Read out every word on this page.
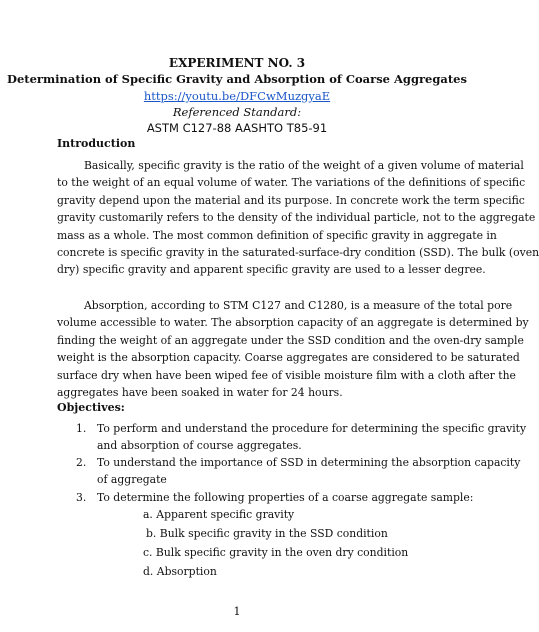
EXPERIMENT NO. 3
Determination of Specific Gravity and Absorption of Coarse Aggregates
https://youtu.be/DFCwMuzgyaE
Referenced Standard:
ASTM C127-88 AASHTO T85-91
Introduction
Basically, specific gravity is the ratio of the weight of a given volume of material
to the weight of an equal volume of water. The variations of the definitions of specific
gravity depend upon the material and its purpose. In concrete work the term specific
gravity customarily refers to the density of the individual particle, not to the aggregate
mass as a whole. The most common definition of specific gravity in aggregate in
concrete is specific gravity in the saturated-surface-dry condition (SSD). The bulk (oven
dry) specific gravity and apparent specific gravity are used to a lesser degree.
Absorption, according to STM C127 and C1280, is a measure of the total pore
volume accessible to water. The absorption capacity of an aggregate is determined by
finding the weight of an aggregate under the SSD condition and the oven-dry sample
weight is the absorption capacity. Coarse aggregates are considered to be saturated
surface dry when have been wiped fee of visible moisture film with a cloth after the
aggregates have been soaked in water for 24 hours.
Objectives:
1. To perform and understand the procedure for determining the specific gravity
and absorption of course aggregates.
2. To understand the importance of SSD in determining the absorption capacity
of aggregate
3. To determine the following properties of a coarse aggregate sample:
a. Apparent specific gravity
b. Bulk specific gravity in the SSD condition
c. Bulk specific gravity in the oven dry condition
d. Absorption
1
